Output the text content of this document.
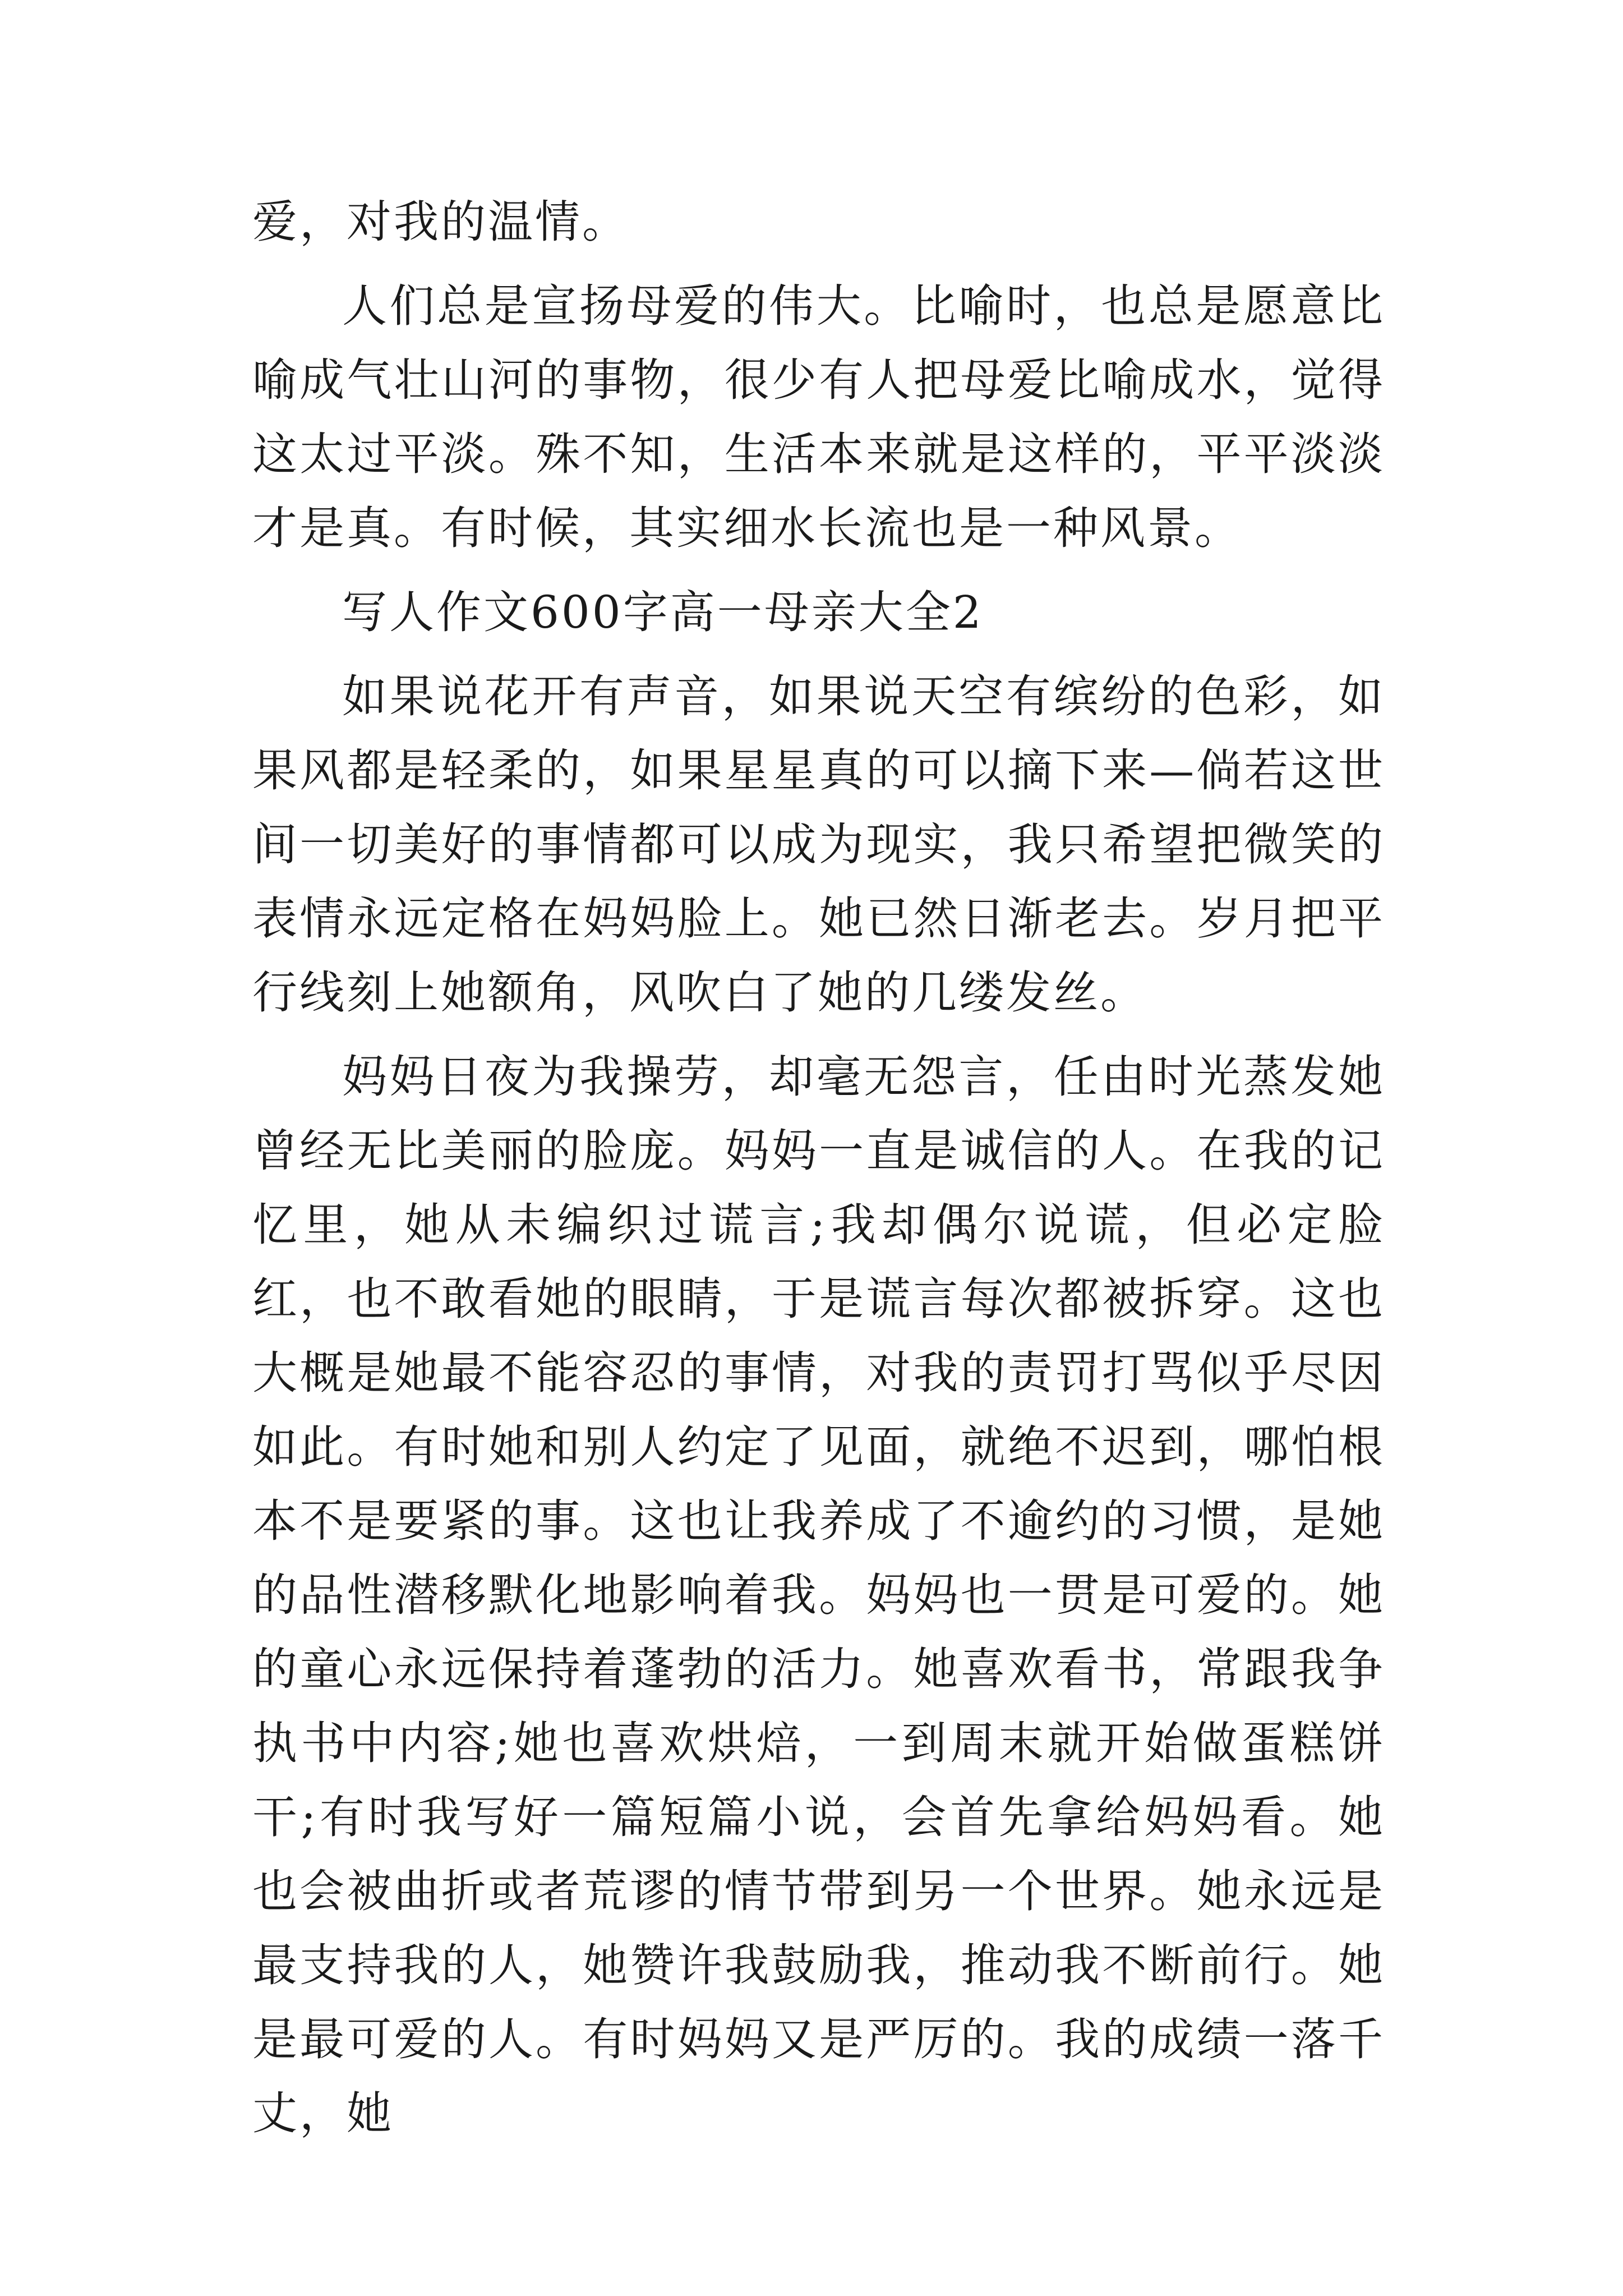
爱，对我的温情。

人们总是宣扬母爱的伟大。比喻时，也总是愿意比喻成气壮山河的事物，很少有人把母爱比喻成水，觉得这太过平淡。殊不知，生活本来就是这样的，平平淡淡才是真。有时候，其实细水长流也是一种风景。

写人作文600字高一母亲大全2

如果说花开有声音，如果说天空有缤纷的色彩，如果风都是轻柔的，如果星星真的可以摘下来—倘若这世间一切美好的事情都可以成为现实，我只希望把微笑的表情永远定格在妈妈脸上。她已然日渐老去。岁月把平行线刻上她额角，风吹白了她的几缕发丝。

妈妈日夜为我操劳，却毫无怨言，任由时光蒸发她曾经无比美丽的脸庞。妈妈一直是诚信的人。在我的记忆里，她从未编织过谎言;我却偶尔说谎，但必定脸红，也不敢看她的眼睛，于是谎言每次都被拆穿。这也大概是她最不能容忍的事情，对我的责罚打骂似乎尽因如此。有时她和别人约定了见面，就绝不迟到，哪怕根本不是要紧的事。这也让我养成了不逾约的习惯，是她的品性潜移默化地影响着我。妈妈也一贯是可爱的。她的童心永远保持着蓬勃的活力。她喜欢看书，常跟我争执书中内容;她也喜欢烘焙，一到周末就开始做蛋糕饼干;有时我写好一篇短篇小说，会首先拿给妈妈看。她也会被曲折或者荒谬的情节带到另一个世界。她永远是最支持我的人，她赞许我鼓励我，推动我不断前行。她是最可爱的人。有时妈妈又是严厉的。我的成绩一落千丈，她
